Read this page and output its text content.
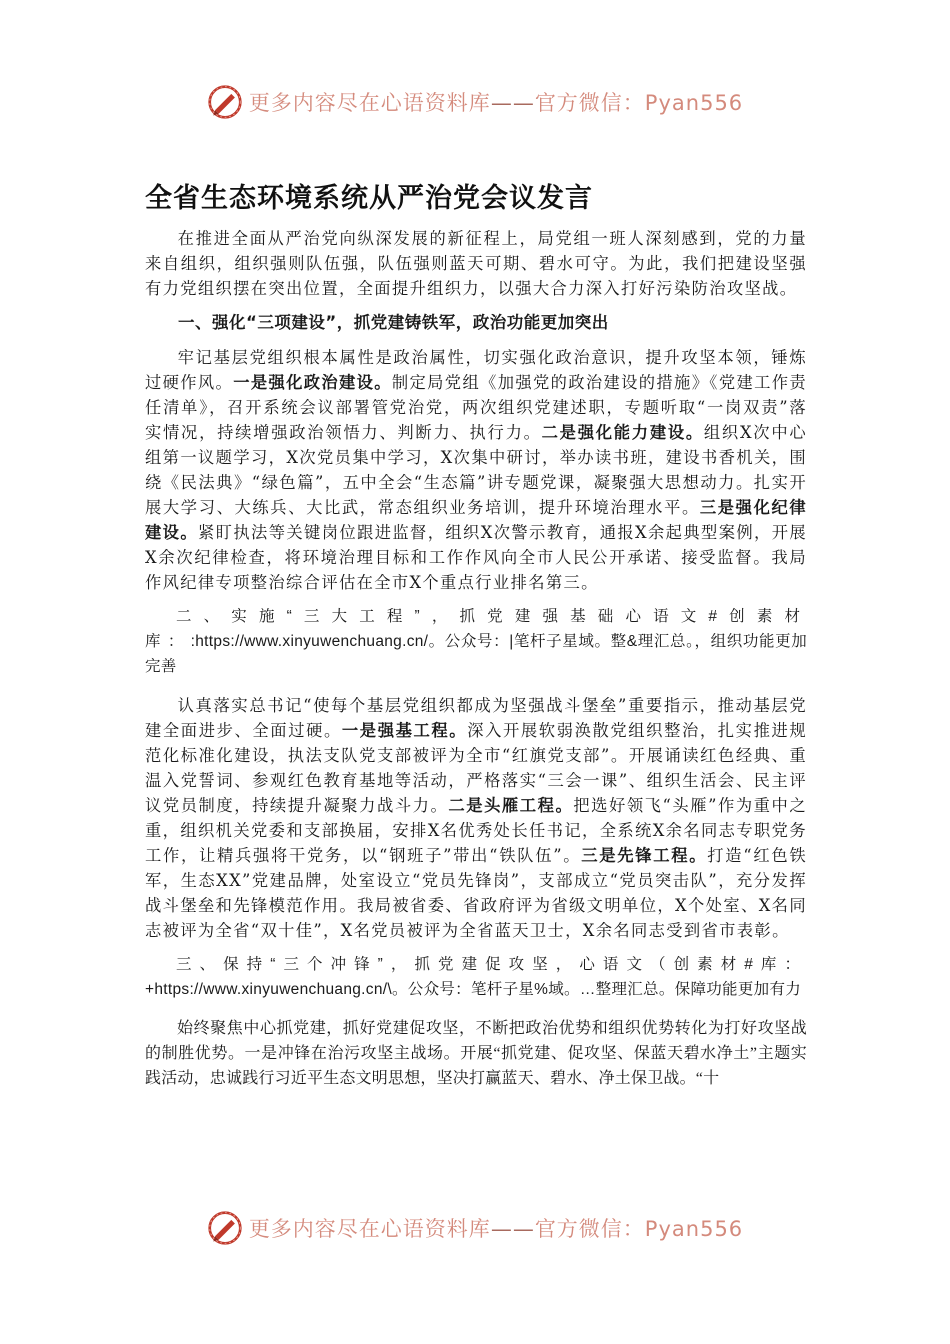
更多内容尽在心语资料库——官方微信：Pyan556
全省生态环境系统从严治党会议发言

在推进全面从严治党向纵深发展的新征程上，局党组一班人深刻感到，党的力量来自组织，组织强则队伍强，队伍强则蓝天可期、碧水可守。为此，我们把建设坚强有力党组织摆在突出位置，全面提升组织力，以强大合力深入打好污染防治攻坚战。

一、强化“三项建设”，抓党建铸铁军，政治功能更加突出

牢记基层党组织根本属性是政治属性，切实强化政治意识，提升攻坚本领，锤炼过硬作风。一是强化政治建设。制定局党组《加强党的政治建设的措施》《党建工作责任清单》，召开系统会议部署管党治党，两次组织党建述职，专题听取“一岗双责”落实情况，持续增强政治领悟力、判断力、执行力。二是强化能力建设。组织X次中心组第一议题学习，X次党员集中学习，X次集中研讨，举办读书班，建设书香机关，围绕《民法典》“绿色篇”，五中全会“生态篇”讲专题党课，凝聚强大思想动力。扎实开展大学习、大练兵、大比武，常态组织业务培训，提升环境治理水平。三是强化纪律建设。紧盯执法等关键岗位跟进监督，组织X次警示教育，通报X余起典型案例，开展X余次纪律检查，将环境治理目标和工作作风向全市人民公开承诺、接受监督。我局作风纪律专项整治综合评估在全市X个重点行业排名第三。

二、实施“三大工程”，抓党建强基础心语文#创素材库：:https://www.xinyuwenchuang.cn/。公众号：|笔杆子星域。整&理汇总。，组织功能更加完善

认真落实总书记“使每个基层党组织都成为坚强战斗堡垒”重要指示，推动基层党建全面进步、全面过硬。一是强基工程。深入开展软弱涣散党组织整治，扎实推进规范化标准化建设，执法支队党支部被评为全市“红旗党支部”。开展诵读红色经典、重温入党誓词、参观红色教育基地等活动，严格落实“三会一课”、组织生活会、民主评议党员制度，持续提升凝聚力战斗力。二是头雁工程。把选好领飞“头雁”作为重中之重，组织机关党委和支部换届，安排X名优秀处长任书记，全系统X余名同志专职党务工作，让精兵强将干党务，以“钢班子”带出“铁队伍”。三是先锋工程。打造“红色铁军，生态XX”党建品牌，处室设立“党员先锋岗”，支部成立“党员突击队”，充分发挥战斗堡垒和先锋模范作用。我局被省委、省政府评为省级文明单位，X个处室、X名同志被评为全省“双十佳”，X名党员被评为全省蓝天卫士，X余名同志受到省市表彰。

三、保持“三个冲锋”，抓党建促攻坚，心语文（创素材#库：+https://www.xinyuwenchuang.cn/\。公众号：笔杆子星%域。…整理汇总。保障功能更加有力

始终聚焦中心抓党建，抓好党建促攻坚，不断把政治优势和组织优势转化为打好攻坚战的制胜优势。一是冲锋在治污攻坚主战场。开展“抓党建、促攻坚、保蓝天碧水净土”主题实践活动，忠诚践行习近平生态文明思想，坚决打赢蓝天、碧水、净土保卫战。“十

更多内容尽在心语资料库——官方微信：Pyan556
